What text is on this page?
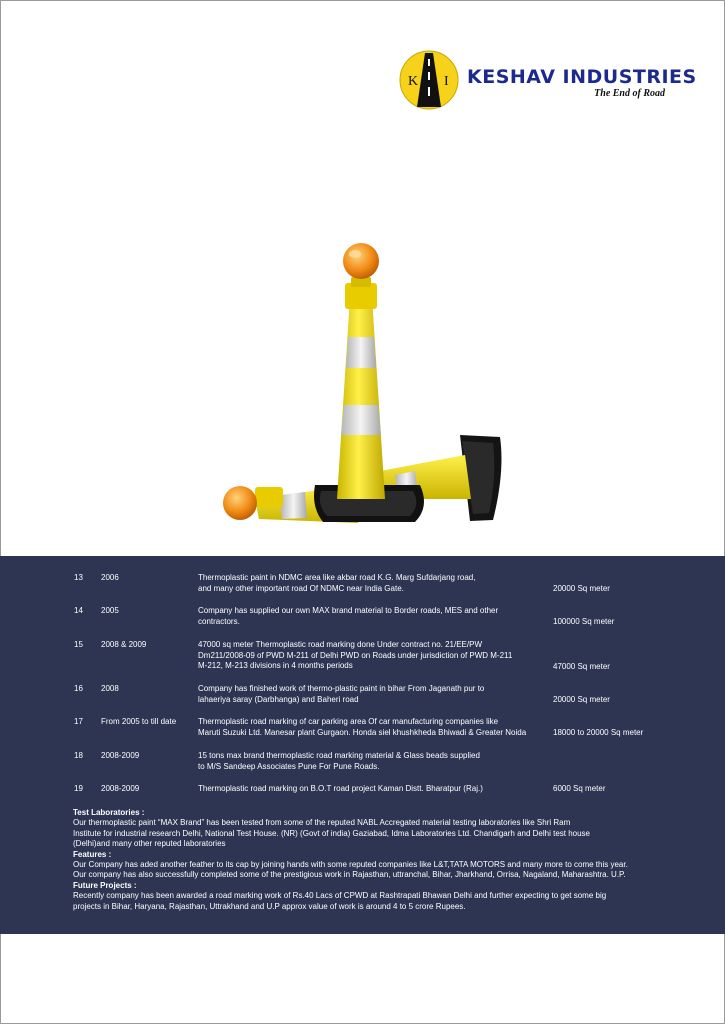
K I KESHAV INDUSTRIES
The End of Road
13 2006	Thermoplastic paint in NDMC area like akbar road K.G. Marg Sufdarjang road,
and many other important road Of NDMC near India Gate.	20000 Sq meter
14 2005	Company has supplied our own MAX brand material to Border roads, MES and other
contractors.	100000 Sq meter
15 2008 & 2009	47000 sq meter Thermoplastic road marking done Under contract no. 21/EE/PW
Dm211/2008-09 of PWD M-211 of Delhi PWD on Roads under jurisdiction of PWD M-211
M-212, M-213 divisions in 4 months periods	47000 Sq meter
16 2008	Company has finished work of thermo-plastic paint in bihar From Jaganath pur to
lahaeriya saray (Darbhanga) and Baheri road	20000 Sq meter
17 From 2005 to till date	Thermoplastic road marking of car parking area Of car manufacturing companies like
Maruti Suzuki Ltd. Manesar plant Gurgaon. Honda siel khushkheda Bhiwadi & Greater Noida	18000 to 20000 Sq meter
18 2008-2009	15 tons max brand thermoplastic road marking material & Glass beads supplied
to M/S Sandeep Associates Pune For Pune Roads.
19 2008-2009	Thermoplastic road marking on B.O.T road project Kaman Distt. Bharatpur (Raj.)	6000 Sq meter
Test Laboratories :
Our thermoplastic paint “MAX Brand” has been tested from some of the reputed NABL Accregated material testing laboratories like Shri Ram
Institute for industrial research Delhi, National Test House. (NR) (Govt of india) Gaziabad, Idma Laboratories Ltd. Chandigarh and Delhi test house
(Delhi)and many other reputed laboratories
Features :
Our Company has aded another feather to its cap by joining hands with some reputed companies like L&T,TATA MOTORS and many more to come this year.
Our company has also successfully completed some of the prestigious work in Rajasthan, uttranchal, Bihar, Jharkhand, Orrisa, Nagaland, Maharashtra. U.P.
Future Projects :
Recently company has been awarded a road marking work of Rs.40 Lacs of CPWD at Rashtrapati Bhawan Delhi and further expecting to get some big
projects in Bihar, Haryana, Rajasthan, Uttrakhand and U.P approx value of work is around 4 to 5 crore Rupees.
